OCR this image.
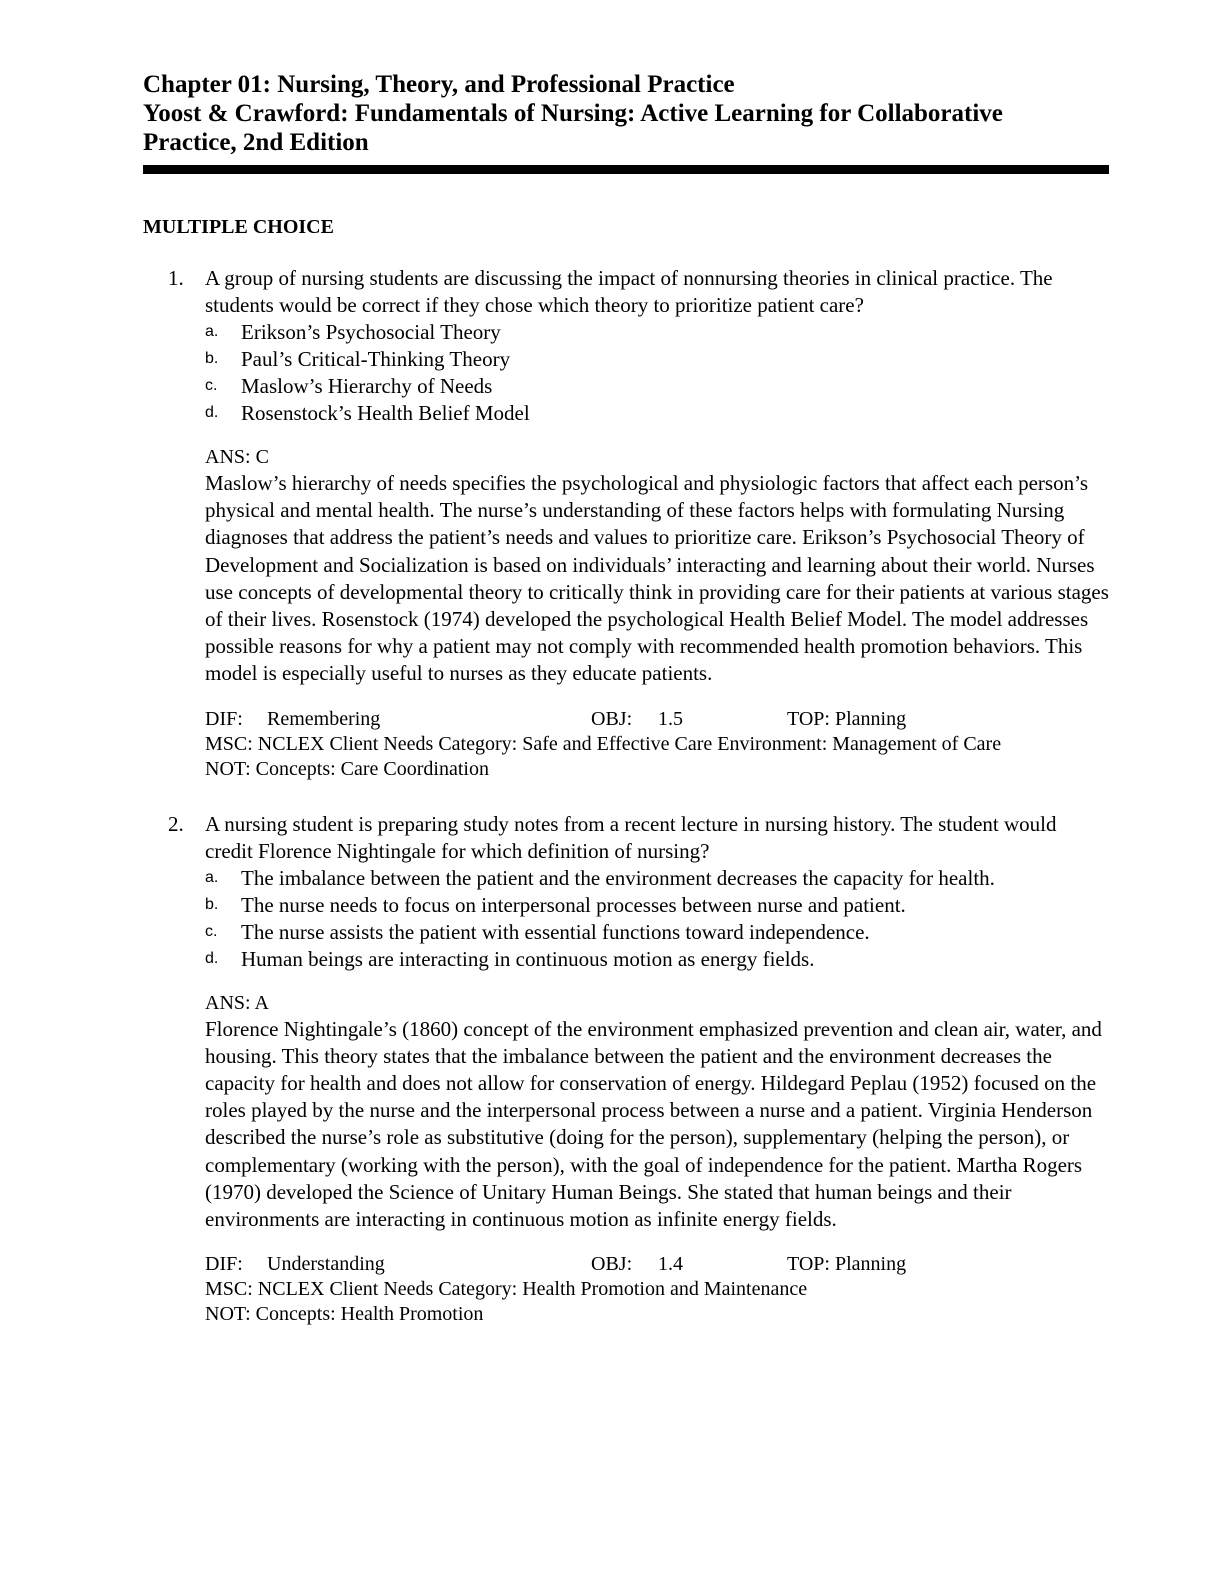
Chapter 01: Nursing, Theory, and Professional Practice

Yoost & Crawford: Fundamentals of Nursing: Active Learning for Collaborative

Practice, 2nd Edition

MULTIPLE CHOICE
1. A group of nursing students are discussing the impact of nonnursing theories in clinical practice. The students would be correct if they chose which theory to prioritize patient care?

a. Erikson’s Psychosocial Theory
b. Paul’s Critical-Thinking Theory
c. Maslow’s Hierarchy of Needs
d. Rosenstock’s Health Belief Model
ANS: C

Maslow’s hierarchy of needs specifies the psychological and physiologic factors that affect each person’s physical and mental health. The nurse’s understanding of these factors helps with formulating Nursing diagnoses that address the patient’s needs and values to prioritize care. Erikson’s Psychosocial Theory of Development and Socialization is based on individuals’ interacting and learning about their world. Nurses use concepts of developmental theory to critically think in providing care for their patients at various stages of their lives. Rosenstock (1974) developed the psychological Health Belief Model. The model addresses possible reasons for why a patient may not comply with recommended health promotion behaviors. This model is especially useful to nurses as they educate patients.

DIF: Remembering	OBJ: 1.5	TOP: Planning
MSC: NCLEX Client Needs Category: Safe and Effective Care Environment: Management of Care
NOT: Concepts: Care Coordination
2. A nursing student is preparing study notes from a recent lecture in nursing history. The student would credit Florence Nightingale for which definition of nursing?

a. The imbalance between the patient and the environment decreases the capacity for health.
b. The nurse needs to focus on interpersonal processes between nurse and patient.
c. The nurse assists the patient with essential functions toward independence.
d. Human beings are interacting in continuous motion as energy fields.
ANS: A

Florence Nightingale’s (1860) concept of the environment emphasized prevention and clean air, water, and housing. This theory states that the imbalance between the patient and the environment decreases the capacity for health and does not allow for conservation of energy. Hildegard Peplau (1952) focused on the roles played by the nurse and the interpersonal process between a nurse and a patient. Virginia Henderson described the nurse’s role as substitutive (doing for the person), supplementary (helping the person), or complementary (working with the person), with the goal of independence for the patient. Martha Rogers (1970) developed the Science of Unitary Human Beings. She stated that human beings and their environments are interacting in continuous motion as infinite energy fields.

DIF: Understanding	OBJ: 1.4	TOP: Planning
MSC: NCLEX Client Needs Category: Health Promotion and Maintenance
NOT: Concepts: Health Promotion
